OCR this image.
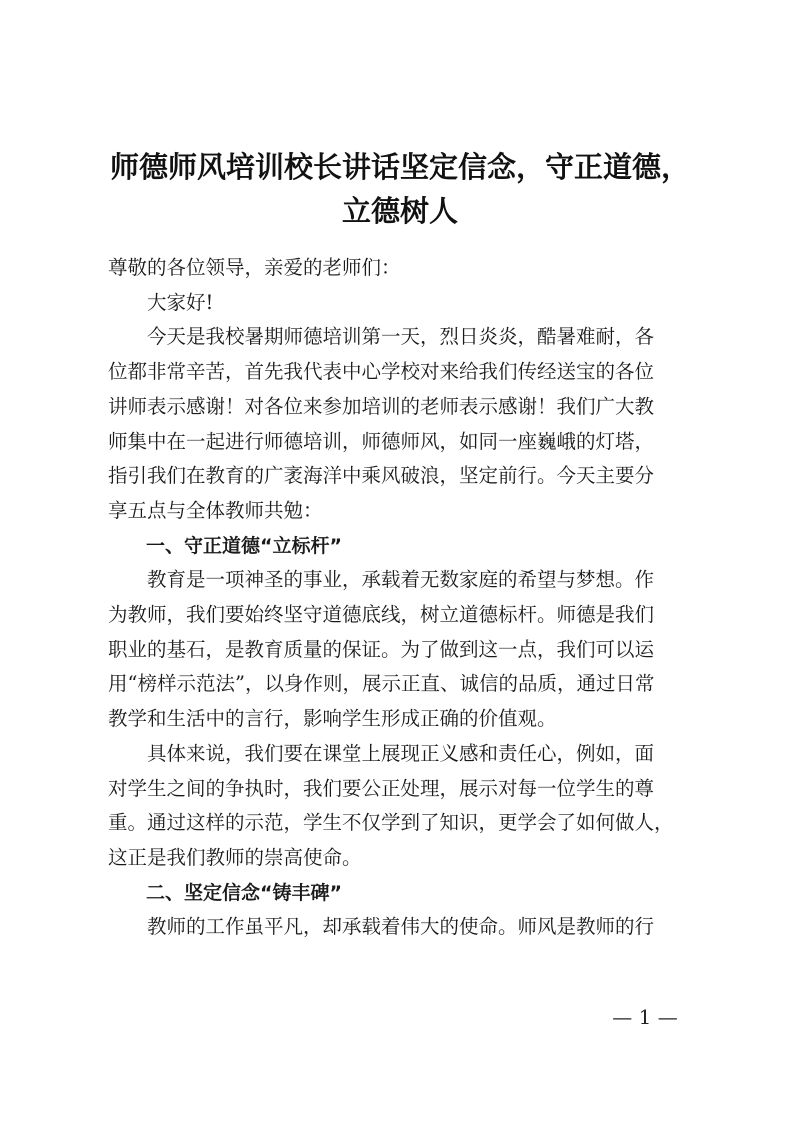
师德师风培训校长讲话坚定信念，守正道德，
立德树人

尊敬的各位领导，亲爱的老师们：

大家好!

今天是我校暑期师德培训第一天，烈日炎炎，酷暑难耐，各
位都非常辛苦，首先我代表中心学校对来给我们传经送宝的各位
讲师表示感谢！对各位来参加培训的老师表示感谢！我们广大教
师集中在一起进行师德培训，师德师风，如同一座巍峨的灯塔，
指引我们在教育的广袤海洋中乘风破浪，坚定前行。今天主要分
享五点与全体教师共勉：

一、守正道德“立标杆”

教育是一项神圣的事业，承载着无数家庭的希望与梦想。作
为教师，我们要始终坚守道德底线，树立道德标杆。师德是我们
职业的基石，是教育质量的保证。为了做到这一点，我们可以运
用“榜样示范法”，以身作则，展示正直、诚信的品质，通过日常
教学和生活中的言行，影响学生形成正确的价值观。

具体来说，我们要在课堂上展现正义感和责任心，例如，面
对学生之间的争执时，我们要公正处理，展示对每一位学生的尊
重。通过这样的示范，学生不仅学到了知识，更学会了如何做人，
这正是我们教师的崇高使命。

二、坚定信念“铸丰碑”

教师的工作虽平凡，却承载着伟大的使命。师风是教师的行

— 1 —
